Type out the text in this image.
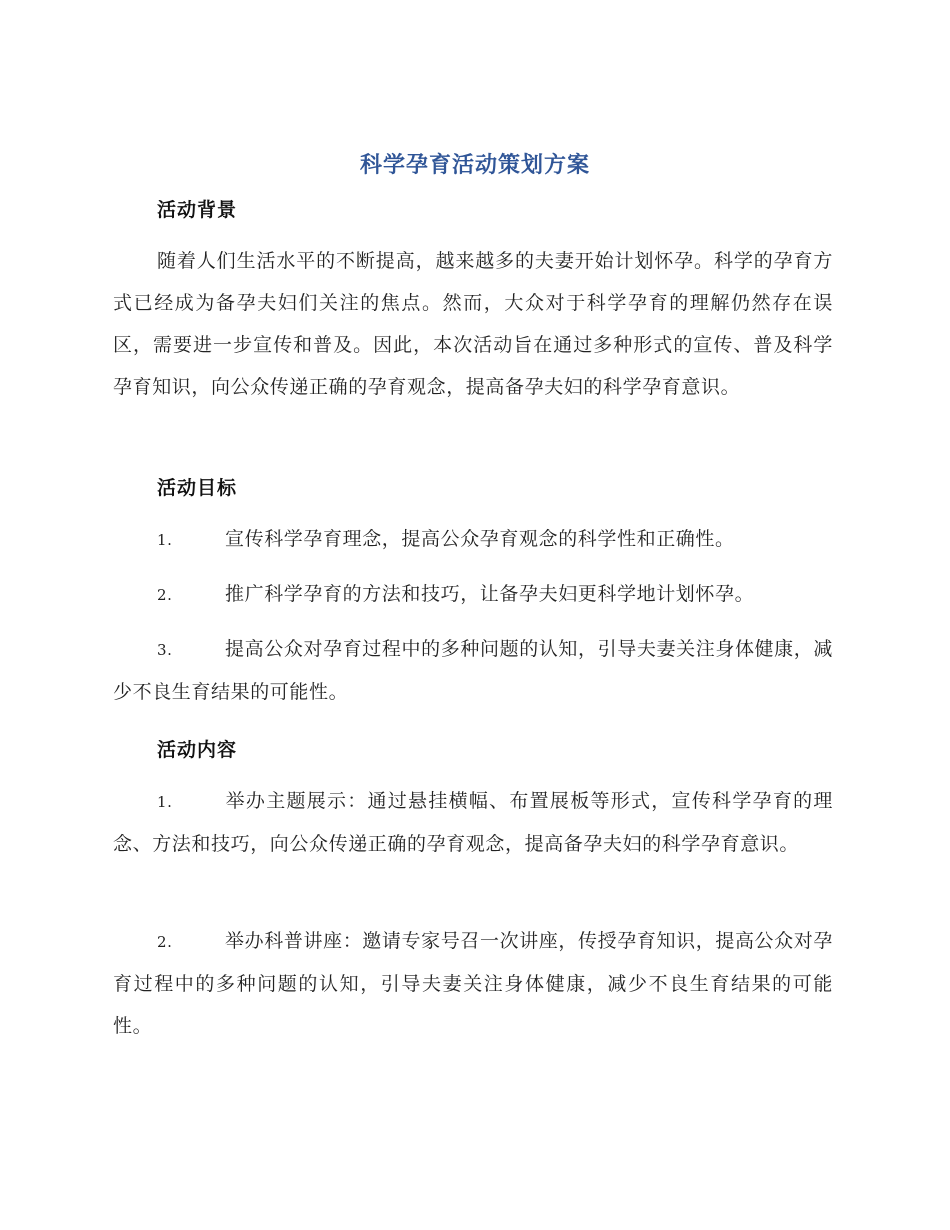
科学孕育活动策划方案
活动背景
随着人们生活水平的不断提高，越来越多的夫妻开始计划怀孕。科学的孕育方式已经成为备孕夫妇们关注的焦点。然而，大众对于科学孕育的理解仍然存在误区，需要进一步宣传和普及。因此，本次活动旨在通过多种形式的宣传、普及科学孕育知识，向公众传递正确的孕育观念，提高备孕夫妇的科学孕育意识。
活动目标
1.	宣传科学孕育理念，提高公众孕育观念的科学性和正确性。
2.	推广科学孕育的方法和技巧，让备孕夫妇更科学地计划怀孕。
3.	提高公众对孕育过程中的多种问题的认知，引导夫妻关注身体健康，减少不良生育结果的可能性。
活动内容
1.	举办主题展示：通过悬挂横幅、布置展板等形式，宣传科学孕育的理念、方法和技巧，向公众传递正确的孕育观念，提高备孕夫妇的科学孕育意识。
2.	举办科普讲座：邀请专家号召一次讲座，传授孕育知识，提高公众对孕育过程中的多种问题的认知，引导夫妻关注身体健康，减少不良生育结果的可能性。
